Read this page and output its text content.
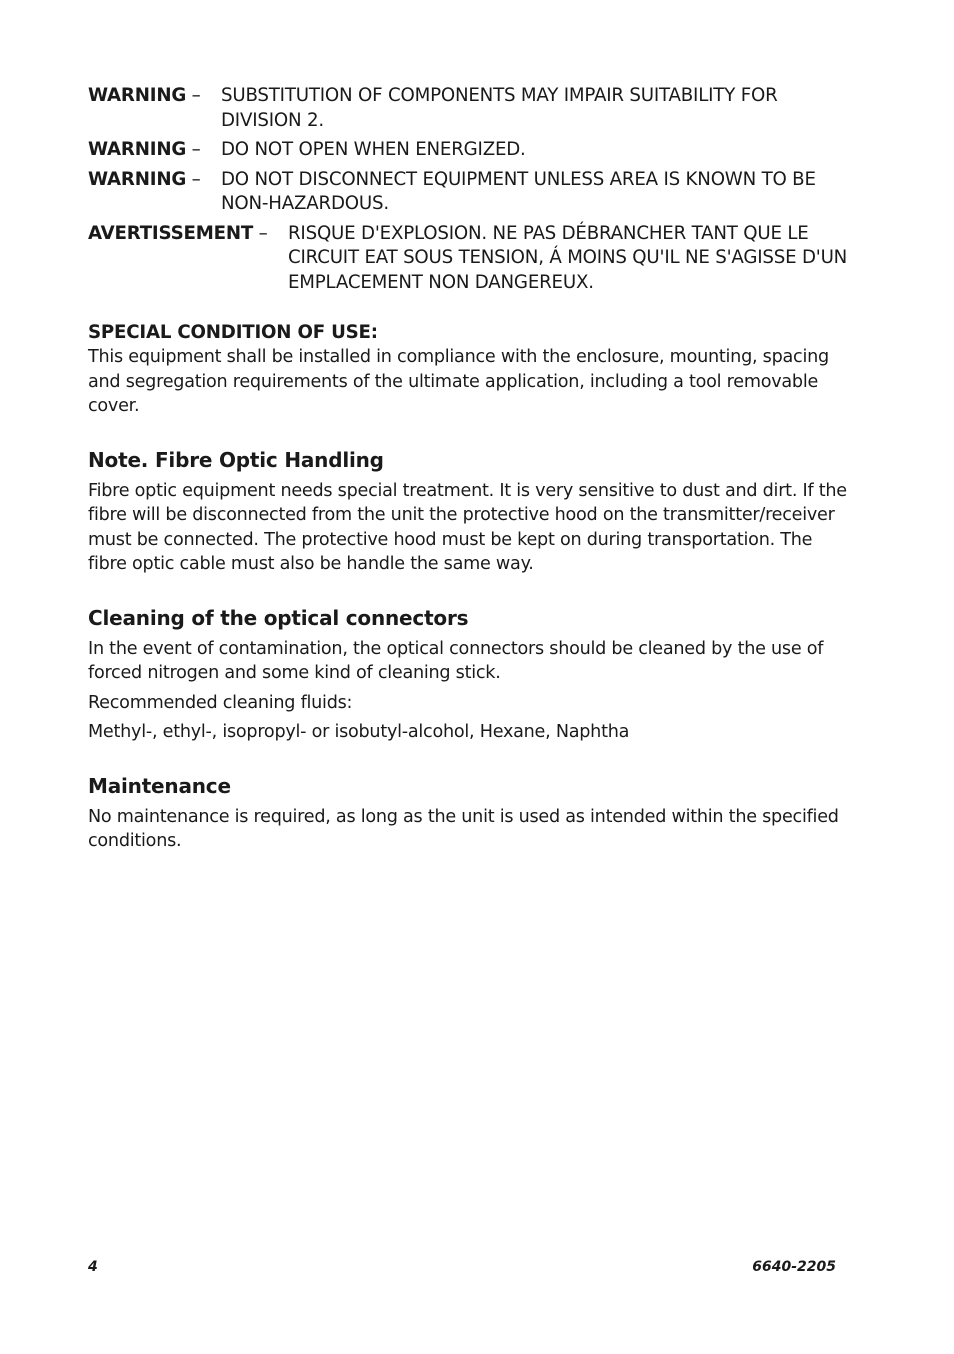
WARNING – SUBSTITUTION OF COMPONENTS MAY IMPAIR SUITABILITY FOR DIVISION 2.
WARNING – DO NOT OPEN WHEN ENERGIZED.
WARNING – DO NOT DISCONNECT EQUIPMENT UNLESS AREA IS KNOWN TO BE NON-HAZARDOUS.
AVERTISSEMENT – RISQUE D'EXPLOSION. NE PAS DÉBRANCHER TANT QUE LE CIRCUIT EAT SOUS TENSION, Á MOINS QU'IL NE S'AGISSE D'UN EMPLACEMENT NON DANGEREUX.
SPECIAL CONDITION OF USE:

This equipment shall be installed in compliance with the enclosure, mounting, spacing and segregation requirements of the ultimate application, including a tool removable cover.

Note. Fibre Optic Handling

Fibre optic equipment needs special treatment. It is very sensitive to dust and dirt. If the fibre will be disconnected from the unit the protective hood on the transmitter/receiver must be connected. The protective hood must be kept on during transportation. The fibre optic cable must also be handle the same way.

Cleaning of the optical connectors

In the event of contamination, the optical connectors should be cleaned by the use of forced nitrogen and some kind of cleaning stick.

Recommended cleaning fluids:

Methyl-, ethyl-, isopropyl- or isobutyl-alcohol, Hexane, Naphtha

Maintenance

No maintenance is required, as long as the unit is used as intended within the specified conditions.

4	6640-2205
